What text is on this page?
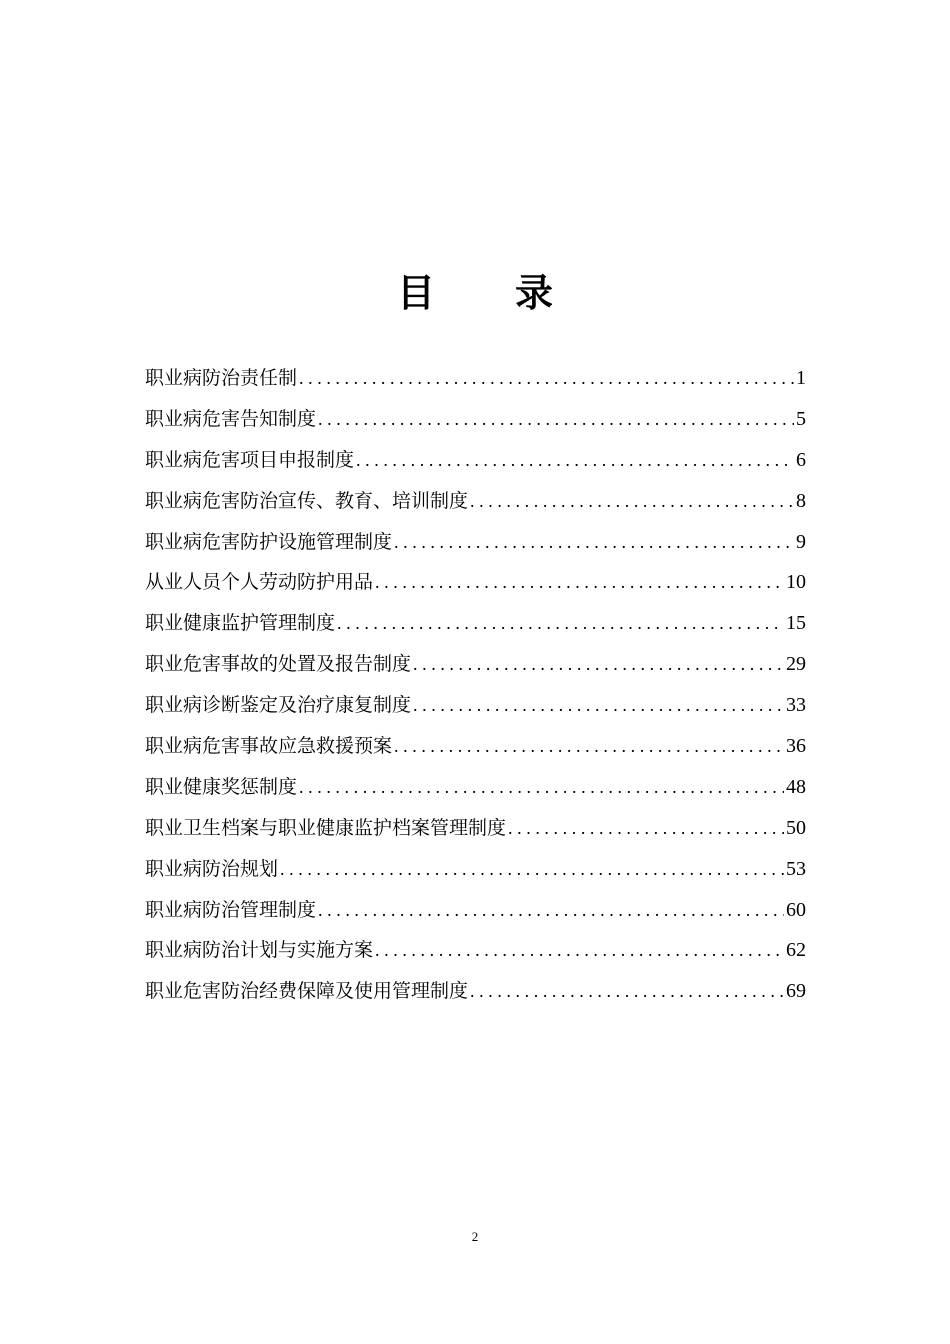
目 录
职业病防治责任制 .....	1
职业病危害告知制度 .....	5
职业病危害项目申报制度 .....	6
职业病危害防治宣传、教育、培训制度 .....	8
职业病危害防护设施管理制度 .....	9
从业人员个人劳动防护用品 .....	10
职业健康监护管理制度 .....	15
职业危害事故的处置及报告制度 .....	29
职业病诊断鉴定及治疗康复制度 .....	33
职业病危害事故应急救援预案 .....	36
职业健康奖惩制度 .....	48
职业卫生档案与职业健康监护档案管理制度 .....	50
职业病防治规划 .....	53
职业病防治管理制度 .....	60
职业病防治计划与实施方案 .....	62
职业危害防治经费保障及使用管理制度 .....	69
2
